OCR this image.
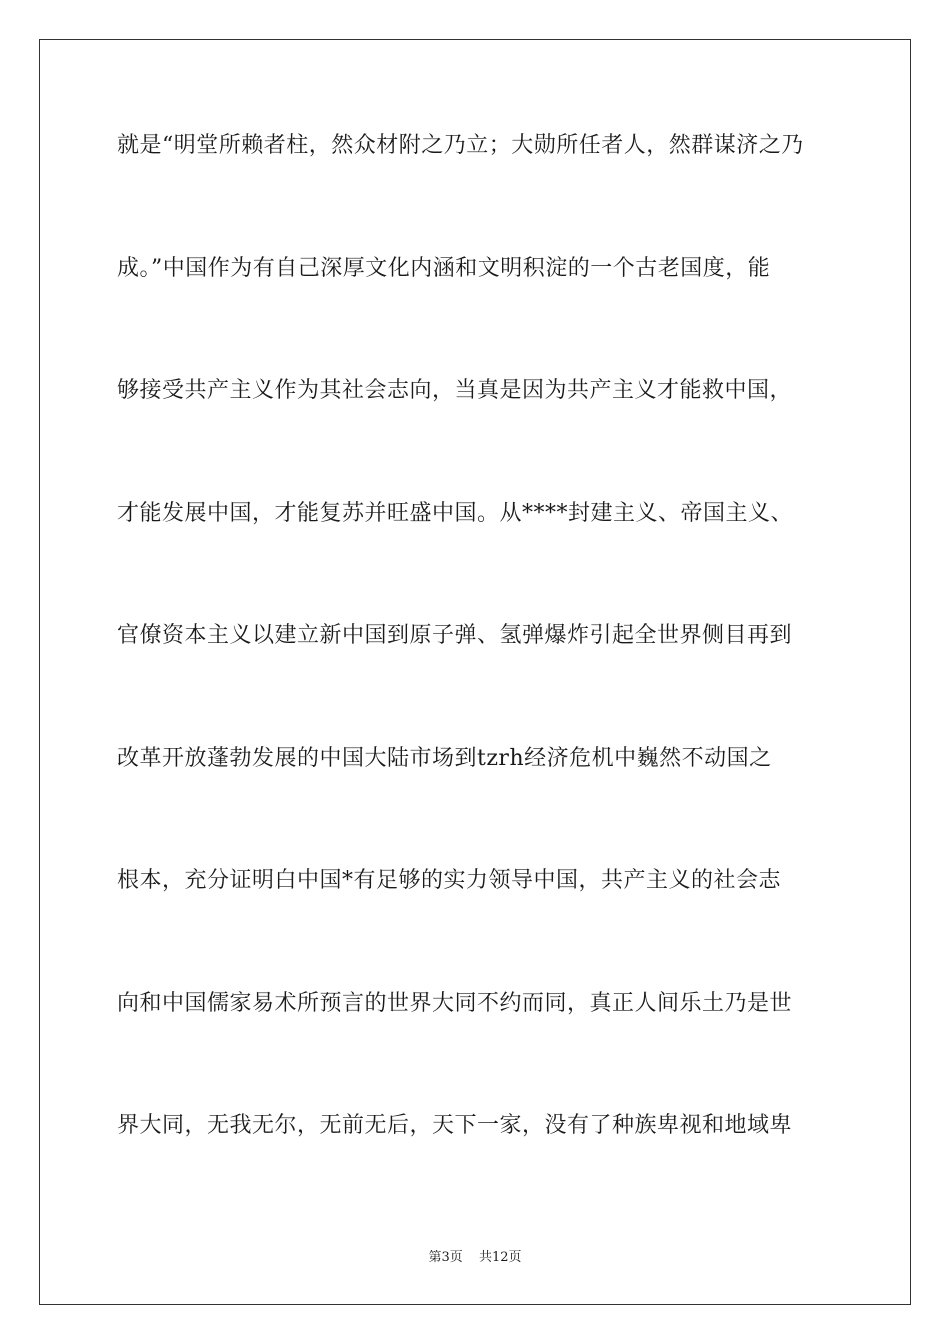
就是“明堂所赖者柱，然众材附之乃立；大勋所任者人，然群谋济之乃
成。”中国作为有自己深厚文化内涵和文明积淀的一个古老国度，能
够接受共产主义作为其社会志向，当真是因为共产主义才能救中国，
才能发展中国，才能复苏并旺盛中国。从****封建主义、帝国主义、
官僚资本主义以建立新中国到原子弹、氢弹爆炸引起全世界侧目再到
改革开放蓬勃发展的中国大陆市场到tzrh经济危机中巍然不动国之
根本，充分证明白中国*有足够的实力领导中国，共产主义的社会志
向和中国儒家易术所预言的世界大同不约而同，真正人间乐土乃是世
界大同，无我无尔，无前无后，天下一家，没有了种族卑视和地域卑
第3页 共12页
